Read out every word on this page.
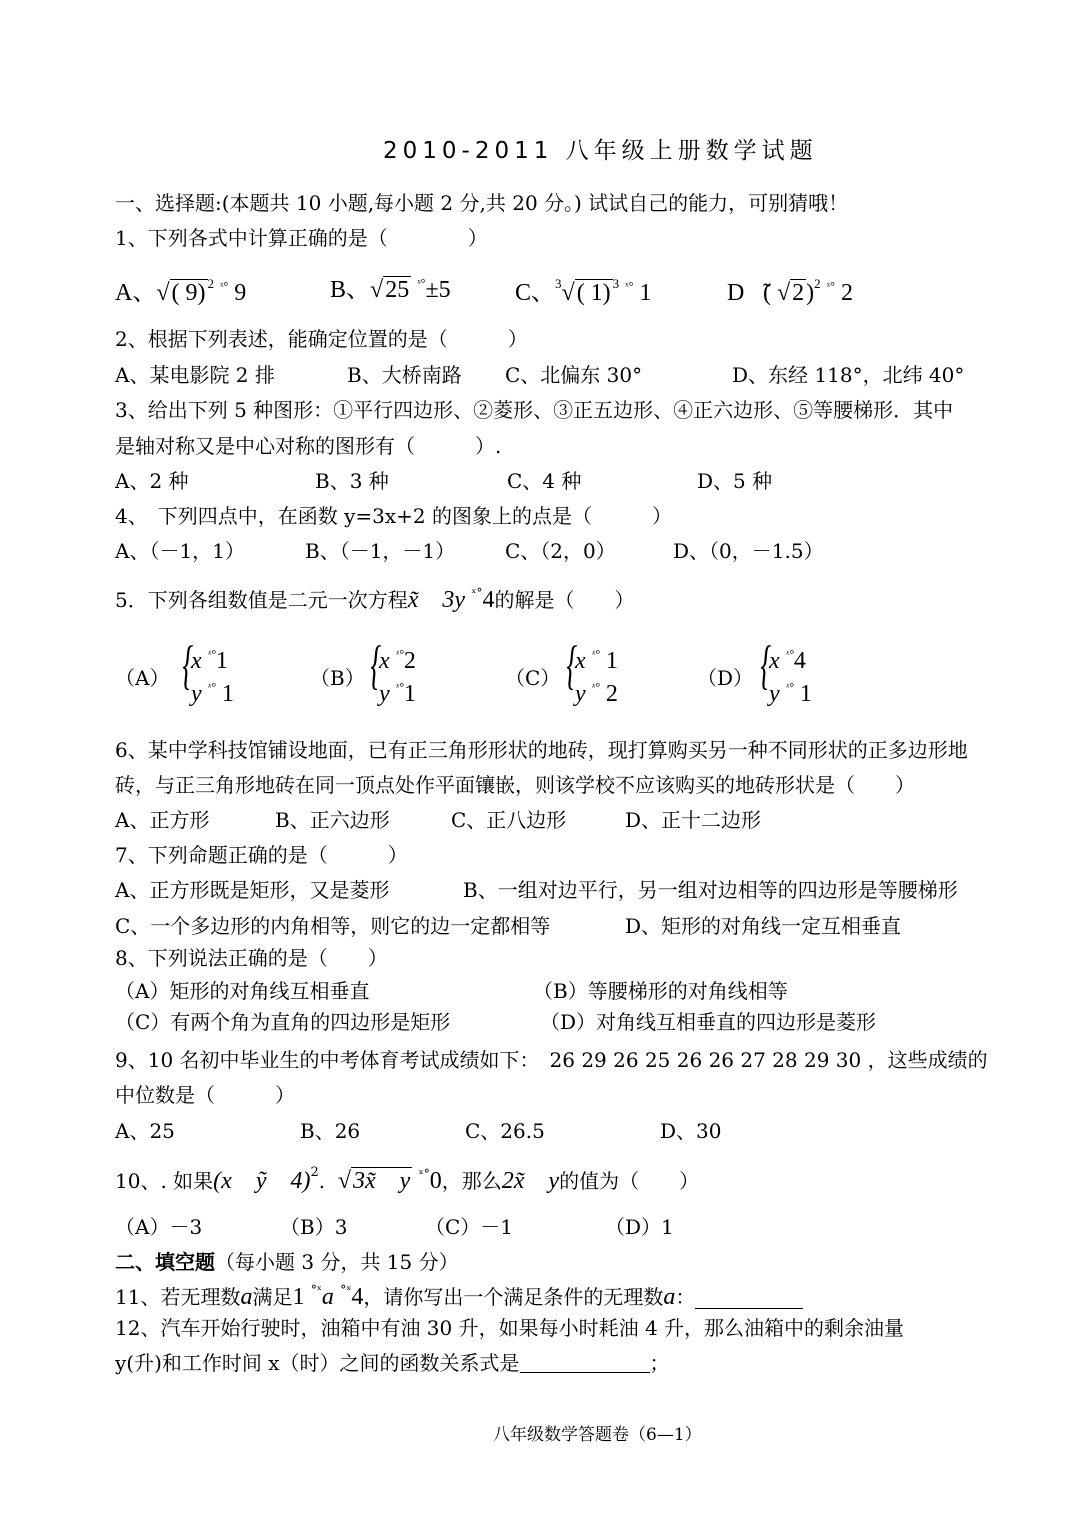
2010-2011 八年级上册数学试题
一、选择题:(本题共 10 小题,每小题 2 分,共 20 分。) 试试自己的能力，可别猜哦！
1、下列各式中计算正确的是（　　　　）
A、√( 9) $^2$ $^{ˣ^\circ}$ 9	B、√25 $^{ˣ^\circ}$±5	C、$^3$√( 1) $^3$ $^{ˣ^\circ}$ 1	D、̃( √2)$^2$ $^{ˣ^\circ}$ 2
2、根据下列表述，能确定位置的是（　　　）
A、某电影院 2 排	B、大桥南路 C、北偏东 30°	D、东经 118°，北纬 40°
3、给出下列 5 种图形：①平行四边形、②菱形、③正五边形、④正六边形、⑤等腰梯形．其中
是轴对称又是中心对称的图形有（　　　）.
A、2 种	B、3 种	C、4 种	D、5 种
4、　下列四点中，在函数 y=3x+2 的图象上的点是（　　　）
A、（－1，1）	B、（－1，－1） C、（2，0）	D、（0，－1.5）
5．下列各组数值是二元一次方程x̃　3y $^{ˣ^\circ}$4的解是（　　）
（A） {
x $^{ˣ^\circ}$1
y $^{ˣ^\circ}$ 1
（B） {
x $^{ˣ^\circ}$2
y $^{ˣ^\circ}$1
（C） {
x $^{ˣ^\circ}$ 1
y $^{ˣ^\circ}$ 2
（D） {
x $^{ˣ^\circ}$4
y $^{ˣ^\circ}$ 1
6、某中学科技馆铺设地面，已有正三角形形状的地砖，现打算购买另一种不同形状的正多边形地
砖，与正三角形地砖在同一顶点处作平面镶嵌，则该学校不应该购买的地砖形状是（　　）
A、正方形	B、正六边形	C、正八边形	D、正十二边形
7、下列命题正确的是（　　　）
A、正方形既是矩形，又是菱形	B、一组对边平行，另一组对边相等的四边形是等腰梯形
C、一个多边形的内角相等，则它的边一定都相等	D、矩形的对角线一定互相垂直
8、下列说法正确的是（　　）
（A）矩形的对角线互相垂直	（B）等腰梯形的对角线相等
（C）有两个角为直角的四边形是矩形	（D）对角线互相垂直的四边形是菱形
9、10 名初中毕业生的中考体育考试成绩如下：　26 29 26 25 26 26 27 28 29 30 ，这些成绩的
中位数是（　　　）
A、25	B、26	C、26.5	D、30
10、. 如果(x　ỹ　4)$^2$.  √3x̃　y $^{ˣ^\circ}$0，那么2x̃　y的值为（　　）
（A）－3	（B）3	（C）－1	（D）1
二、填空题（每小题 3 分，共 15 分）
11、若无理数a满足1 $^{^\circ ˣ}$a $^{^\circ ˣ}$4，请你写出一个满足条件的无理数a：
12、汽车开始行驶时，油箱中有油 30 升，如果每小时耗油 4 升，那么油箱中的剩余油量
y(升)和工作时间 x（时）之间的函数关系式是	；
八年级数学答题卷（6—1）
